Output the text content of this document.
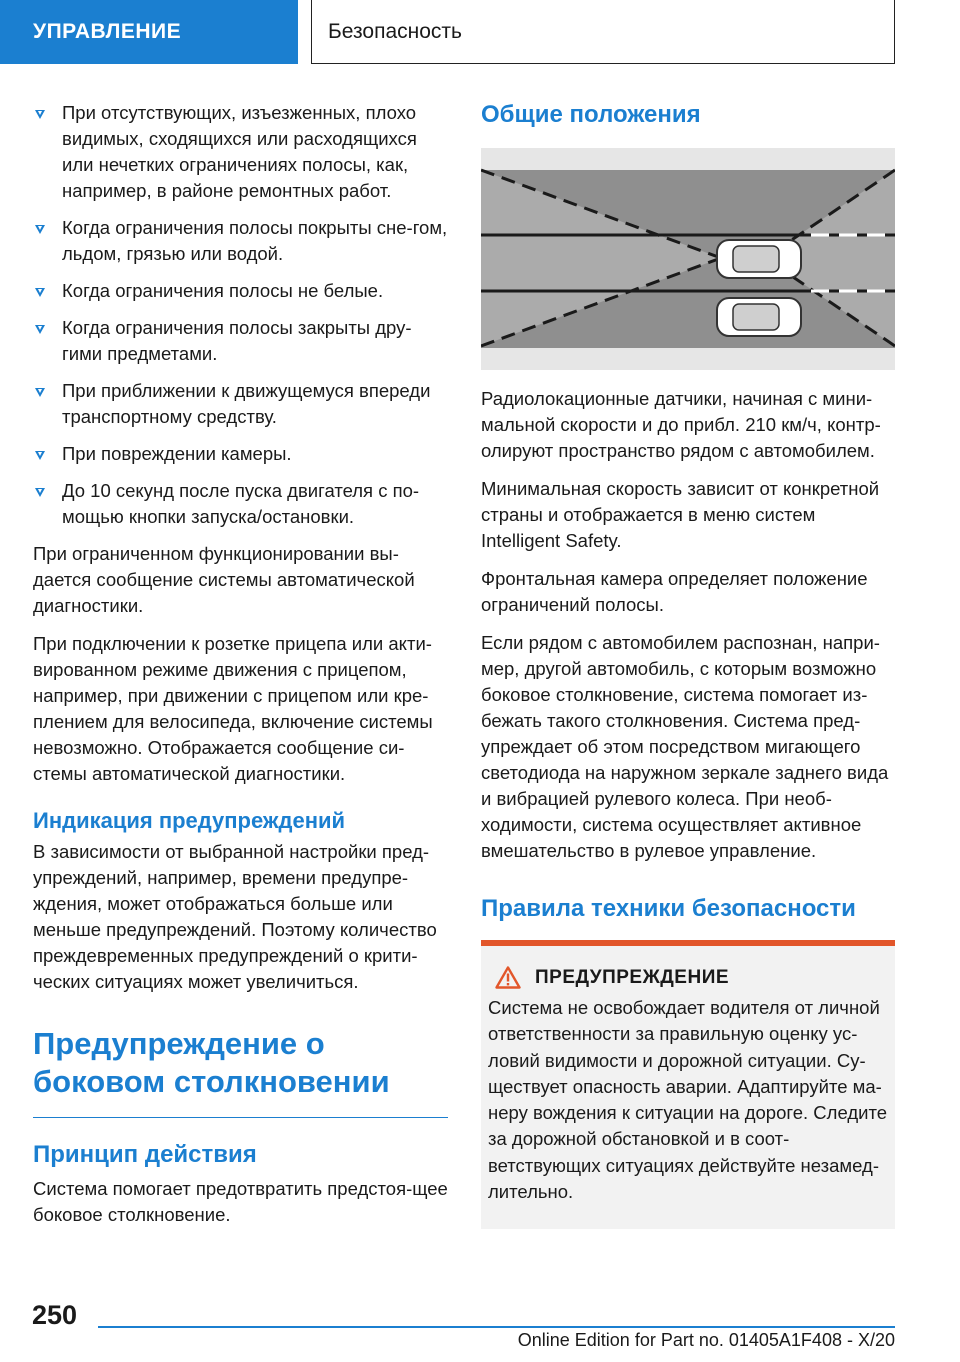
УПРАВЛЕНИЕ	Безопасность
При отсутствующих, изъезженных, плохо видимых, сходящихся или расходящихся или нечетких ограничениях полосы, как, например, в районе ремонтных работ.
Когда ограничения полосы покрыты сне-гом, льдом, грязью или водой.
Когда ограничения полосы не белые.
Когда ограничения полосы закрыты дру-гими предметами.
При приближении к движущемуся впереди транспортному средству.
При повреждении камеры.
До 10 секунд после пуска двигателя с по-мощью кнопки запуска/остановки.

При ограниченном функционировании вы-дается сообщение системы автоматической диагностики.

При подключении к розетке прицепа или акти-вированном режиме движения с прицепом, например, при движении с прицепом или кре-плением для велосипеда, включение системы невозможно. Отображается сообщение си-стемы автоматической диагностики.

Индикация предупреждений

В зависимости от выбранной настройки пред-упреждений, например, времени предупре-ждения, может отображаться больше или меньше предупреждений. Поэтому количество преждевременных предупреждений о крити-ческих ситуациях может увеличиться.

Предупреждение о боковом столкновении
Принцип действия

Система помогает предотвратить предстоя-щее боковое столкновение.

Общие положения

Радиолокационные датчики, начиная с мини-мальной скорости и до прибл. 210 км/ч, контр-олируют пространство рядом с автомобилем.

Минимальная скорость зависит от конкретной страны и отображается в меню систем Intelligent Safety.

Фронтальная камера определяет положение ограничений полосы.

Если рядом с автомобилем распознан, напри-мер, другой автомобиль, с которым возможно боковое столкновение, система помогает из-бежать такого столкновения. Система пред-упреждает об этом посредством мигающего светодиода на наружном зеркале заднего вида и вибрацией рулевого колеса. При необ-ходимости, система осуществляет активное вмешательство в рулевое управление.

Правила техники безопасности
ПРЕДУПРЕЖДЕНИЕ

Система не освобождает водителя от личной ответственности за правильную оценку ус-ловий видимости и дорожной ситуации. Су-ществует опасность аварии. Адаптируйте ма-неру вождения к ситуации на дороге. Следите за дорожной обстановкой и в соот-ветствующих ситуациях действуйте незамед-лительно.

250
Online Edition for Part no. 01405A1F408 - X/20
